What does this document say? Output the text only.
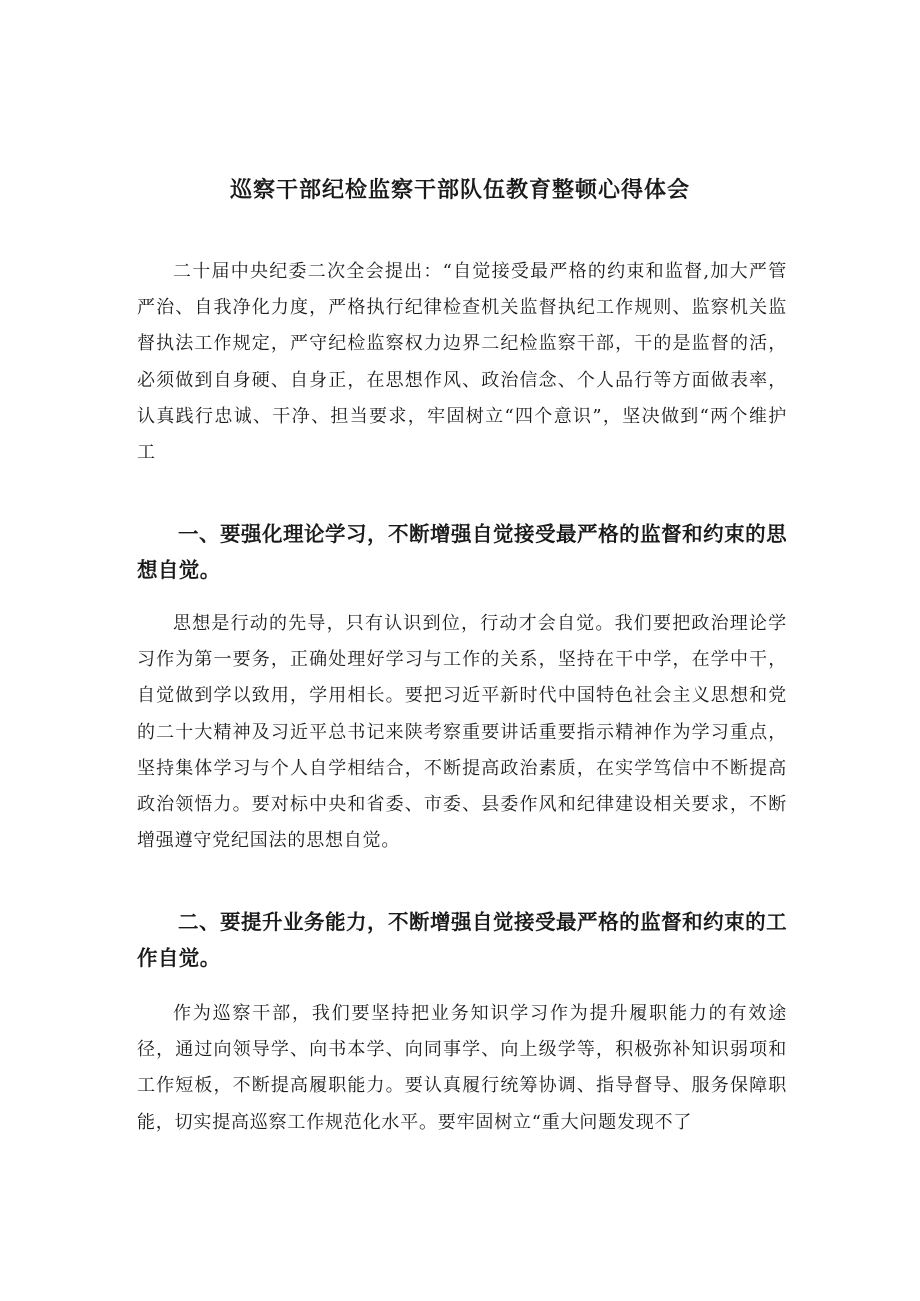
巡察干部纪检监察干部队伍教育整顿心得体会

二十届中央纪委二次全会提出：“自觉接受最严格的约束和监督,加大严管严治、自我净化力度，严格执行纪律检查机关监督执纪工作规则、监察机关监督执法工作规定，严守纪检监察权力边界二纪检监察干部，干的是监督的活，必须做到自身硬、自身正，在思想作风、政治信念、个人品行等方面做表率，认真践行忠诚、干净、担当要求，牢固树立“四个意识”，坚决做到“两个维护工

一、要强化理论学习，不断增强自觉接受最严格的监督和约束的思想自觉。

思想是行动的先导，只有认识到位，行动才会自觉。我们要把政治理论学习作为第一要务，正确处理好学习与工作的关系，坚持在干中学，在学中干，自觉做到学以致用，学用相长。要把习近平新时代中国特色社会主义思想和党的二十大精神及习近平总书记来陕考察重要讲话重要指示精神作为学习重点，坚持集体学习与个人自学相结合，不断提高政治素质，在实学笃信中不断提高政治领悟力。要对标中央和省委、市委、县委作风和纪律建设相关要求，不断增强遵守党纪国法的思想自觉。

二、要提升业务能力，不断增强自觉接受最严格的监督和约束的工作自觉。

作为巡察干部，我们要坚持把业务知识学习作为提升履职能力的有效途径，通过向领导学、向书本学、向同事学、向上级学等，积极弥补知识弱项和工作短板，不断提高履职能力。要认真履行统筹协调、指导督导、服务保障职能，切实提高巡察工作规范化水平。要牢固树立“重大问题发现不了
